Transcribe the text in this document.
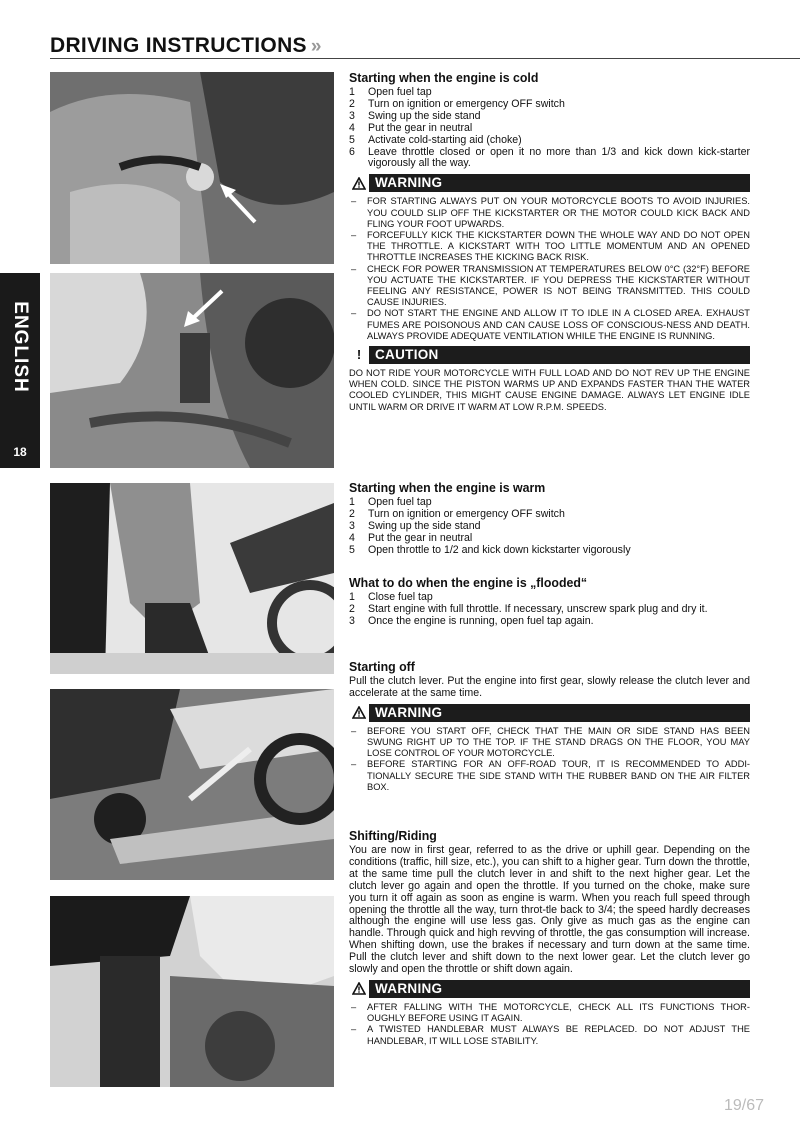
DRIVING INSTRUCTIONS »
ENGLISH
18
Starting when the engine is cold
1	Open fuel tap
2	Turn on ignition or emergency OFF switch
3	Swing up the side stand
4	Put the gear in neutral
5	Activate cold-starting aid (choke)
6	Leave throttle closed or open it no more than 1/3 and kick down kick-starter vigorously all the way.
WARNING
–	FOR STARTING ALWAYS PUT ON YOUR MOTORCYCLE BOOTS TO AVOID INJURIES. YOU COULD SLIP OFF THE KICKSTARTER OR THE MOTOR COULD KICK BACK AND FLING YOUR FOOT UPWARDS.
–	FORCEFULLY KICK THE KICKSTARTER DOWN THE WHOLE WAY AND DO NOT OPEN THE THROTTLE. A KICKSTART WITH TOO LITTLE MOMENTUM AND AN OPENED THROTTLE INCREASES THE KICKING BACK RISK.
–	CHECK FOR POWER TRANSMISSION AT TEMPERATURES BELOW 0°C (32°F) BEFORE YOU ACTUATE THE KICKSTARTER. IF YOU DEPRESS THE KICKSTARTER WITHOUT FEELING ANY RESISTANCE, POWER IS NOT BEING TRANSMITTED. THIS COULD CAUSE INJURIES.
–	DO NOT START THE ENGINE AND ALLOW IT TO IDLE IN A CLOSED AREA. EXHAUST FUMES ARE POISONOUS AND CAN CAUSE LOSS OF CONSCIOUS-NESS AND DEATH. ALWAYS PROVIDE ADEQUATE VENTILATION WHILE THE ENGINE IS RUNNING.
!	CAUTION
DO NOT RIDE YOUR MOTORCYCLE WITH FULL LOAD AND DO NOT REV UP THE ENGINE WHEN COLD. SINCE THE PISTON WARMS UP AND EXPANDS FASTER THAN THE WATER COOLED CYLINDER, THIS MIGHT CAUSE ENGINE DAMAGE. ALWAYS LET ENGINE IDLE UNTIL WARM OR DRIVE IT WARM AT LOW R.P.M. SPEEDS.
Starting when the engine is warm
1	Open fuel tap
2	Turn on ignition or emergency OFF switch
3	Swing up the side stand
4	Put the gear in neutral
5	Open throttle to 1/2 and kick down kickstarter vigorously
What to do when the engine is „flooded“
1	Close fuel tap
2	Start engine with full throttle. If necessary, unscrew spark plug and dry it.
3	Once the engine is running, open fuel tap again.
Starting off
Pull the clutch lever. Put the engine into first gear, slowly release the clutch lever and accelerate at the same time.
WARNING
–	BEFORE YOU START OFF, CHECK THAT THE MAIN OR SIDE STAND HAS BEEN SWUNG RIGHT UP TO THE TOP. IF THE STAND DRAGS ON THE FLOOR, YOU MAY LOSE CONTROL OF YOUR MOTORCYCLE.
–	BEFORE STARTING FOR AN OFF-ROAD TOUR, IT IS RECOMMENDED TO ADDI-TIONALLY SECURE THE SIDE STAND WITH THE RUBBER BAND ON THE AIR FILTER BOX.
Shifting/Riding
You are now in first gear, referred to as the drive or uphill gear. Depending on the conditions (traffic, hill size, etc.), you can shift to a higher gear. Turn down the throttle, at the same time pull the clutch lever in and shift to the next higher gear. Let the clutch lever go again and open the throttle. If you turned on the choke, make sure you turn it off again as soon as engine is warm. When you reach full speed through opening the throttle all the way, turn throt-tle back to 3/4; the speed hardly decreases although the engine will use less gas. Only give as much gas as the engine can handle. Through quick and high revving of throttle, the gas consumption will increase. When shifting down, use the brakes if necessary and turn down at the same time. Pull the clutch lever and shift down to the next lower gear. Let the clutch lever go slowly and open the throttle or shift down again.
WARNING
–	AFTER FALLING WITH THE MOTORCYCLE, CHECK ALL ITS FUNCTIONS THOR-OUGHLY BEFORE USING IT AGAIN.
–	A TWISTED HANDLEBAR MUST ALWAYS BE REPLACED. DO NOT ADJUST THE HANDLEBAR, IT WILL LOSE STABILITY.
19/67
